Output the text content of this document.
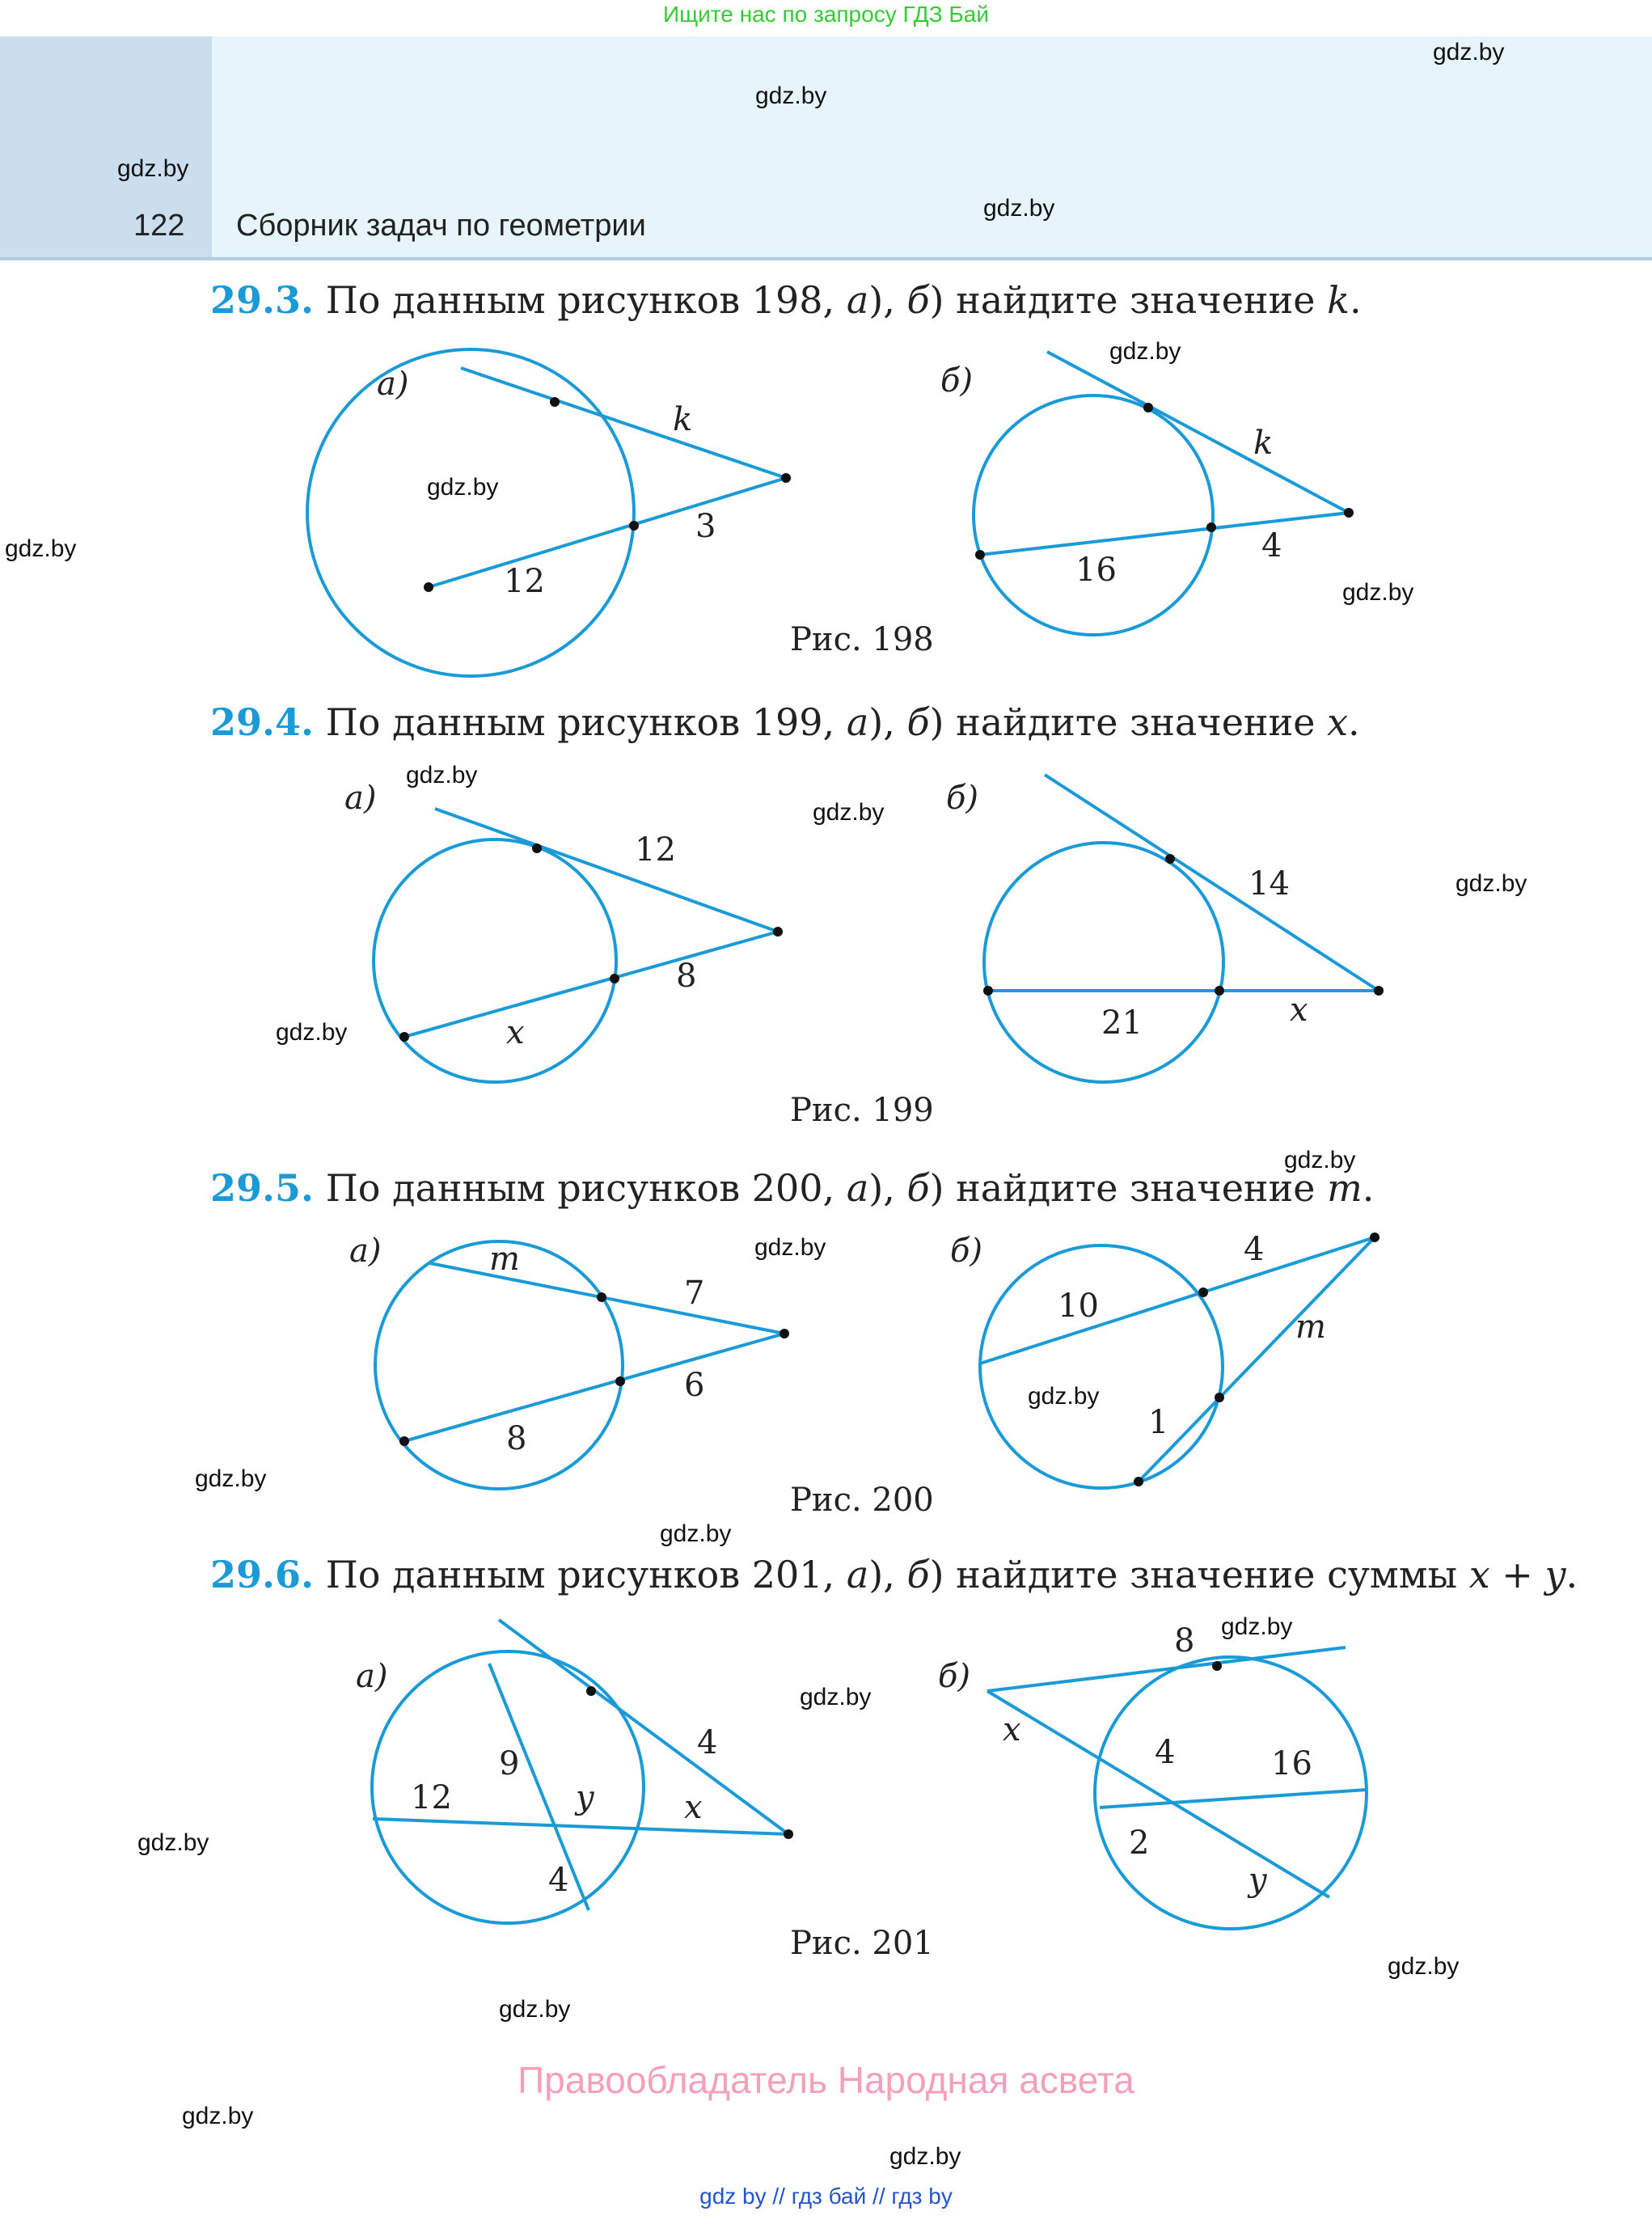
Ищите нас по запросу ГДЗ Бай
122 Сборник задач по геометрии
gdz.by
gdz.by
gdz.by
gdz.by
gdz.by
gdz.by
gdz.by
gdz.by
gdz.by
gdz.by
gdz.by
gdz.by
gdz.by
gdz.by
gdz.by
gdz.by
gdz.by
gdz.by
gdz.by
gdz.by
gdz.by
gdz.by
gdz.by
gdz.by
29.3. По данным рисунков 198, а), б) найдите значение k.
29.4. По данным рисунков 199, а), б) найдите значение x.
29.5. По данным рисунков 200, а), б) найдите значение m.
29.6. По данным рисунков 201, а), б) найдите значение суммы x + y.
Рис. 198
Рис. 199
Рис. 200
Рис. 201
а)	б)
а)	б)
а)	б)
а)	б)
k
3
12
k
4
16
12
8
x
14
x
21
m
7
6
8
4
10
m
1
9
12	y
4
4
x
8
x
4	16
2
y
Правообладатель Народная асвета
gdz by // гдз бай // гдз by
